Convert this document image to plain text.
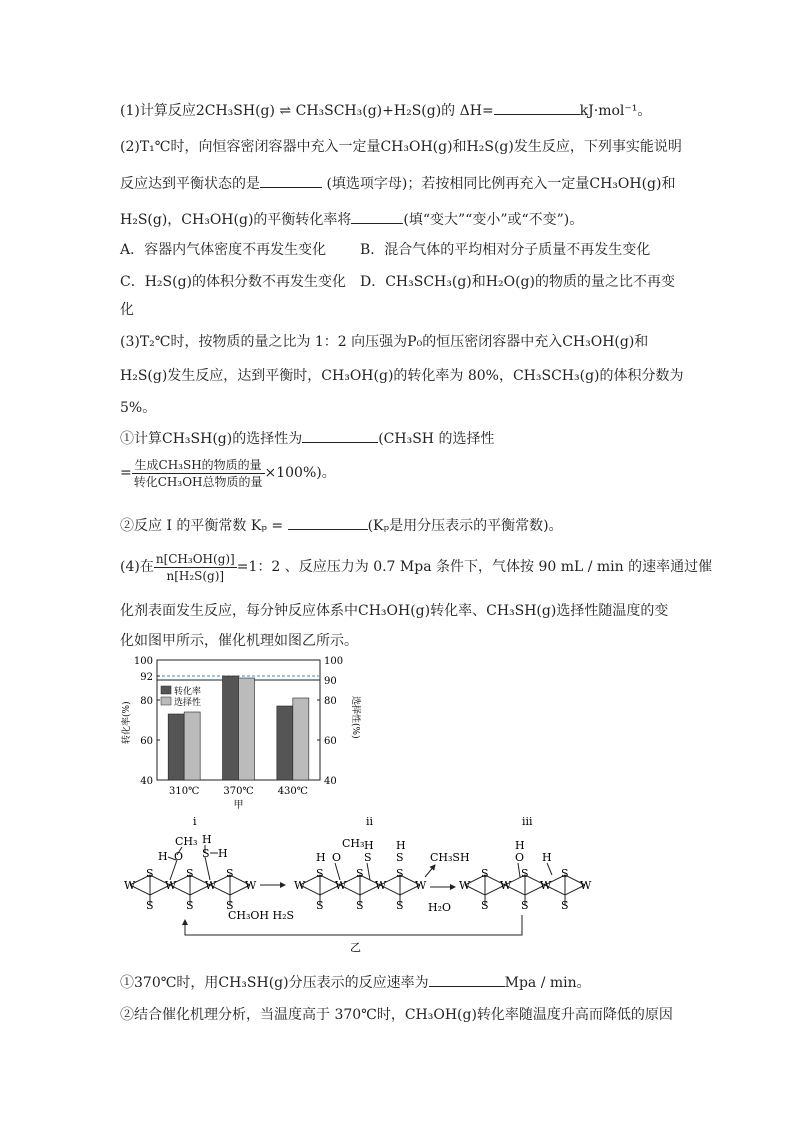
(1)计算反应2CH₃SH(g) ⇌ CH₃SCH₃(g)+H₂S(g)的 ΔH=	kJ·mol⁻¹。
(2)T₁℃时，向恒容密闭容器中充入一定量CH₃OH(g)和H₂S(g)发生反应，下列事实能说明
反应达到平衡状态的是	(填选项字母)；若按相同比例再充入一定量CH₃OH(g)和
H₂S(g)，CH₃OH(g)的平衡转化率将	(填“变大”“变小”或“不变”)。
A．容器内气体密度不再发生变化 B．混合气体的平均相对分子质量不再发生变化
C．H₂S(g)的体积分数不再发生变化 D．CH₃SCH₃(g)和H₂O(g)的物质的量之比不再变
化
(3)T₂℃时，按物质的量之比为 1：2 向压强为P₀的恒压密闭容器中充入CH₃OH(g)和
H₂S(g)发生反应，达到平衡时，CH₃OH(g)的转化率为 80%，CH₃SCH₃(g)的体积分数为
5%。
①计算CH₃SH(g)的选择性为	(CH₃SH 的选择性
= $\frac{\text{生成CH₃SH的物质的量}}{\text{转化CH₃OH总物质的量}} \times 100\%$)。
②反应 I 的平衡常数 Kₚ =	(Kₚ是用分压表示的平衡常数)。
(4)在 $\frac{\text{n[CH₃OH(g)]}}{\text{n[H₂S(g)]}} =1$：2 、反应压力为 0.7 Mpa 条件下，气体按 90 mL / min 的速率通过催
化剂表面发生反应，每分钟反应体系中CH₃OH(g)转化率、CH₃SH(g)选择性随温度的变
化如图甲所示，催化机理如图乙所示。
40
60
80
92
100
40
60
80
90
100
转化率(%)	选择性(%)
310℃ 370℃ 430℃
转化率
选择性
甲
i	ii	iii
W	W	W	W
S	S	S
S	S	S
O
H
CH₃
S
H
H
CH₃OH H₂S
W	W	W	W
S	S	S
S	S	S
O
H
CH₃
S
H
S
H
CH₃SH
W	W	W	W
S	S	S
S	S	S
O
H
H
H₂O
乙
①370℃时，用CH₃SH(g)分压表示的反应速率为	Mpa / min。
②结合催化机理分析，当温度高于 370℃时，CH₃OH(g)转化率随温度升高而降低的原因
